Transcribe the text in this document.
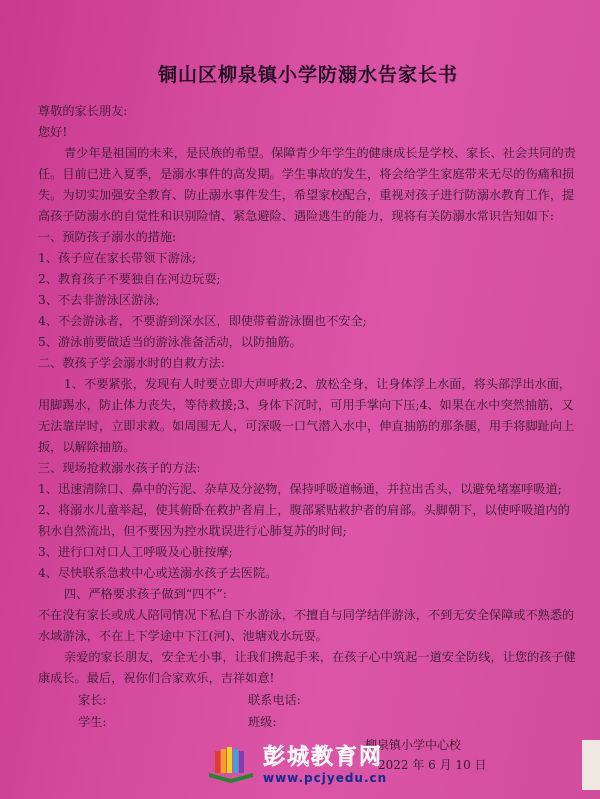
铜山区柳泉镇小学防溺水告家长书

尊敬的家长朋友:

您好!

青少年是祖国的未来，是民族的希望。保障青少年学生的健康成长是学校、家长、社会共同的责任。目前已进入夏季，是溺水事件的高发期。学生事故的发生，将会给学生家庭带来无尽的伤痛和损失。为切实加强安全教育、防止溺水事件发生，希望家校配合，重视对孩子进行防溺水教育工作，提高孩子防溺水的自觉性和识别险情、紧急避险、遇险逃生的能力，现将有关防溺水常识告知如下:

一、预防孩子溺水的措施:

1、孩子应在家长带领下游泳;

2、教育孩子不要独自在河边玩耍;

3、不去非游泳区游泳;

4、不会游泳者，不要游到深水区，即使带着游泳圈也不安全;

5、游泳前要做适当的游泳准备活动，以防抽筋。

二、教孩子学会溺水时的自救方法:

1、不要紧张，发现有人时要立即大声呼救;2、放松全身，让身体浮上水面，将头部浮出水面，用脚踢水，防止体力丧失，等待救援;3、身体下沉时，可用手掌向下压;4、如果在水中突然抽筋，又无法靠岸时，立即求救。如周围无人，可深吸一口气潜入水中，伸直抽筋的那条腿，用手将脚趾向上扳，以解除抽筋。

三、现场抢救溺水孩子的方法:

1、迅速清除口、鼻中的污泥、杂草及分泌物，保持呼吸道畅通，并拉出舌头，以避免堵塞呼吸道;

2、将溺水儿童举起，使其俯卧在救护者肩上，腹部紧贴救护者的肩部。头脚朝下，以使呼吸道内的积水自然流出，但不要因为控水耽误进行心肺复苏的时间;

3、进行口对口人工呼吸及心脏按摩;

4、尽快联系急救中心或送溺水孩子去医院。

四、严格要求孩子做到“四不”:

不在没有家长或成人陪同情况下私自下水游泳，不擅自与同学结伴游泳，不到无安全保障或不熟悉的水域游泳，不在上下学途中下江(河)、池塘戏水玩耍。

亲爱的家长朋友，安全无小事，让我们携起手来，在孩子心中筑起一道安全防线，让您的孩子健康成长。最后，祝你们合家欢乐，吉祥如意!

家长:	联系电话:
学生:	班级:
柳泉镇小学中心校
2022 年 6 月 10 日
彭城教育网
www.pcjyedu.cn
